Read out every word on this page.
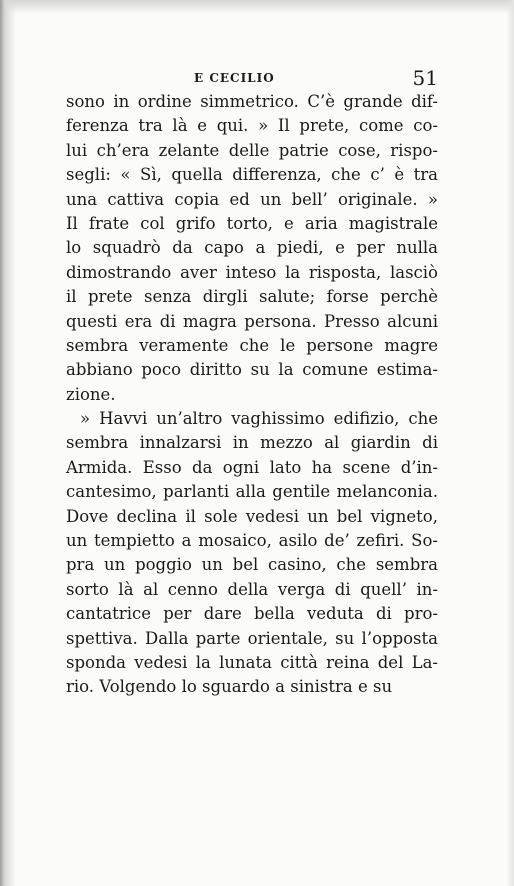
E CECILIO	51
sono in ordine simmetrico. C’è grande dif-
ferenza tra là e qui. » Il prete, come co-
lui ch’era zelante delle patrie cose, rispo-
segli: « Sì, quella differenza, che c’ è tra
una cattiva copia ed un bell’ originale. »
Il frate col grifo torto, e aria magistrale
lo squadrò da capo a piedi, e per nulla
dimostrando aver inteso la risposta, lasciò
il prete senza dirgli salute; forse perchè
questi era di magra persona. Presso alcuni
sembra veramente che le persone magre
abbiano poco diritto su la comune estima-
zione.
» Havvi un’altro vaghissimo edifizio, che
sembra innalzarsi in mezzo al giardin di
Armida. Esso da ogni lato ha scene d’in-
cantesimo, parlanti alla gentile melanconia.
Dove declina il sole vedesi un bel vigneto,
un tempietto a mosaico, asilo de’ zefiri. So-
pra un poggio un bel casino, che sembra
sorto là al cenno della verga di quell’ in-
cantatrice per dare bella veduta di pro-
spettiva. Dalla parte orientale, su l’opposta
sponda vedesi la lunata città reina del La-
rio. Volgendo lo sguardo a sinistra e su
